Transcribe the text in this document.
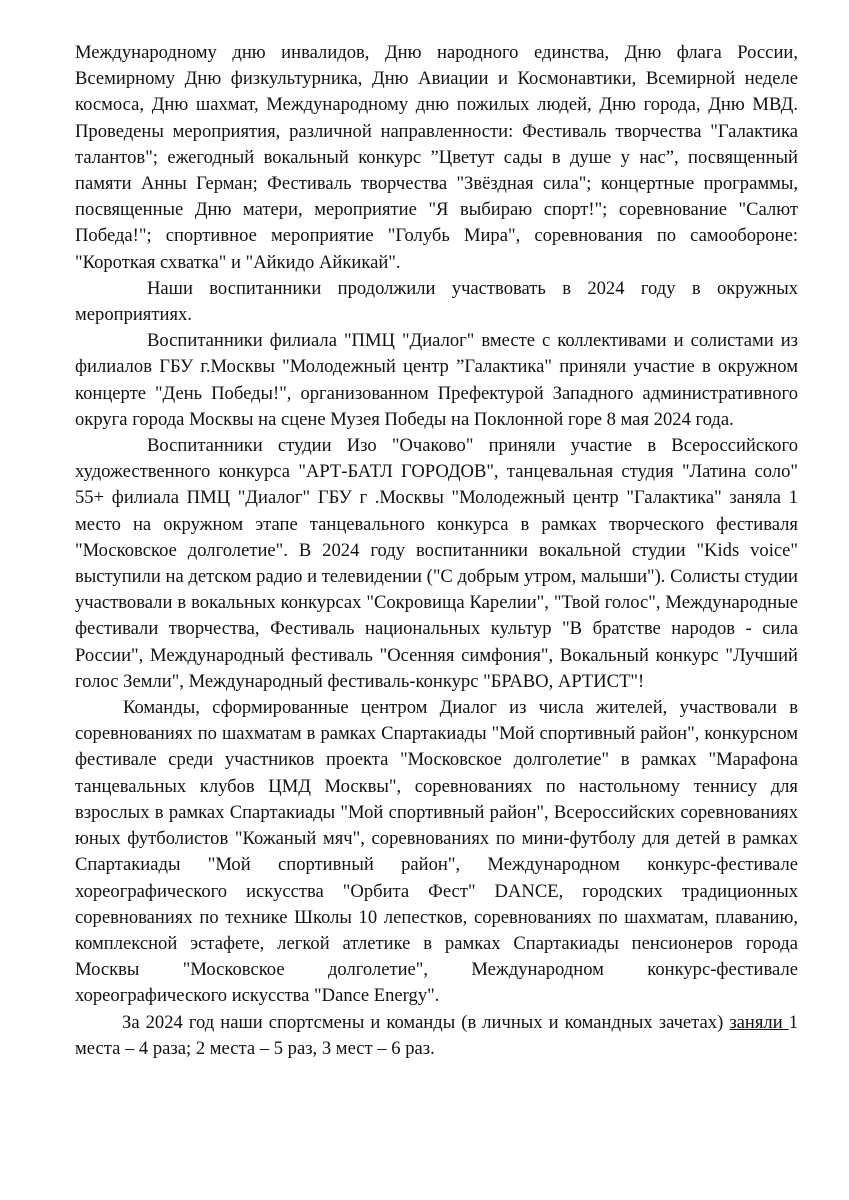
Международному дню инвалидов, Дню народного единства, Дню флага России, Всемирному Дню физкультурника, Дню Авиации и Космонавтики, Всемирной неделе космоса, Дню шахмат, Международному дню пожилых людей, Дню города, Дню МВД. Проведены мероприятия, различной направленности: Фестиваль творчества "Галактика талантов"; ежегодный вокальный конкурс ”Цветут сады в душе у нас”, посвященный памяти Анны Герман; Фестиваль творчества "Звёздная сила"; концертные программы, посвященные Дню матери, мероприятие "Я выбираю спорт!"; соревнование "Салют Победа!"; спортивное мероприятие "Голубь Мира", соревнования по самообороне: "Короткая схватка" и "Айкидо Айкикай".

Наши воспитанники продолжили участвовать в 2024 году в окружных мероприятиях.

Воспитанники филиала "ПМЦ "Диалог" вместе с коллективами и солистами из филиалов ГБУ г.Москвы "Молодежный центр ”Галактика" приняли участие в окружном концерте "День Победы!", организованном Префектурой Западного административного округа города Москвы на сцене Музея Победы на Поклонной горе 8 мая 2024 года.

Воспитанники студии Изо "Очаково" приняли участие в Всероссийского художественного конкурса "АРТ-БАТЛ ГОРОДОВ", танцевальная студия "Латина соло" 55+ филиала ПМЦ "Диалог" ГБУ г .Москвы "Молодежный центр "Галактика" заняла 1 место на окружном этапе танцевального конкурса в рамках творческого фестиваля "Московское долголетие". В 2024 году воспитанники вокальной студии "Kids voice" выступили на детском радио и телевидении ("С добрым утром, малыши"). Солисты студии участвовали в вокальных конкурсах "Сокровища Карелии", "Твой голос", Международные фестивали творчества, Фестиваль национальных культур "В братстве народов - сила России", Международный фестиваль "Осенняя симфония", Вокальный конкурс "Лучший голос Земли", Международный фестиваль-конкурс "БРАВО, АРТИСТ"!

Команды, сформированные центром Диалог из числа жителей, участвовали в соревнованиях по шахматам в рамках Спартакиады "Мой спортивный район", конкурсном фестивале среди участников проекта "Московское долголетие" в рамках "Марафона танцевальных клубов ЦМД Москвы", соревнованиях по настольному теннису для взрослых в рамках Спартакиады "Мой спортивный район", Всероссийских соревнованиях юных футболистов "Кожаный мяч", соревнованиях по мини-футболу для детей в рамках Спартакиады "Мой спортивный район", Международном конкурс-фестивале хореографического искусства "Орбита Фест" DANCE, городских традиционных соревнованиях по технике Школы 10 лепестков, соревнованиях по шахматам, плаванию, комплексной эстафете, легкой атлетике в рамках Спартакиады пенсионеров города Москвы "Московское долголетие", Международном конкурс-фестивале хореографического искусства "Dance Energy".

За 2024 год наши спортсмены и команды (в личных и командных зачетах) заняли 1 места – 4 раза; 2 места – 5 раз, 3 мест – 6 раз.
